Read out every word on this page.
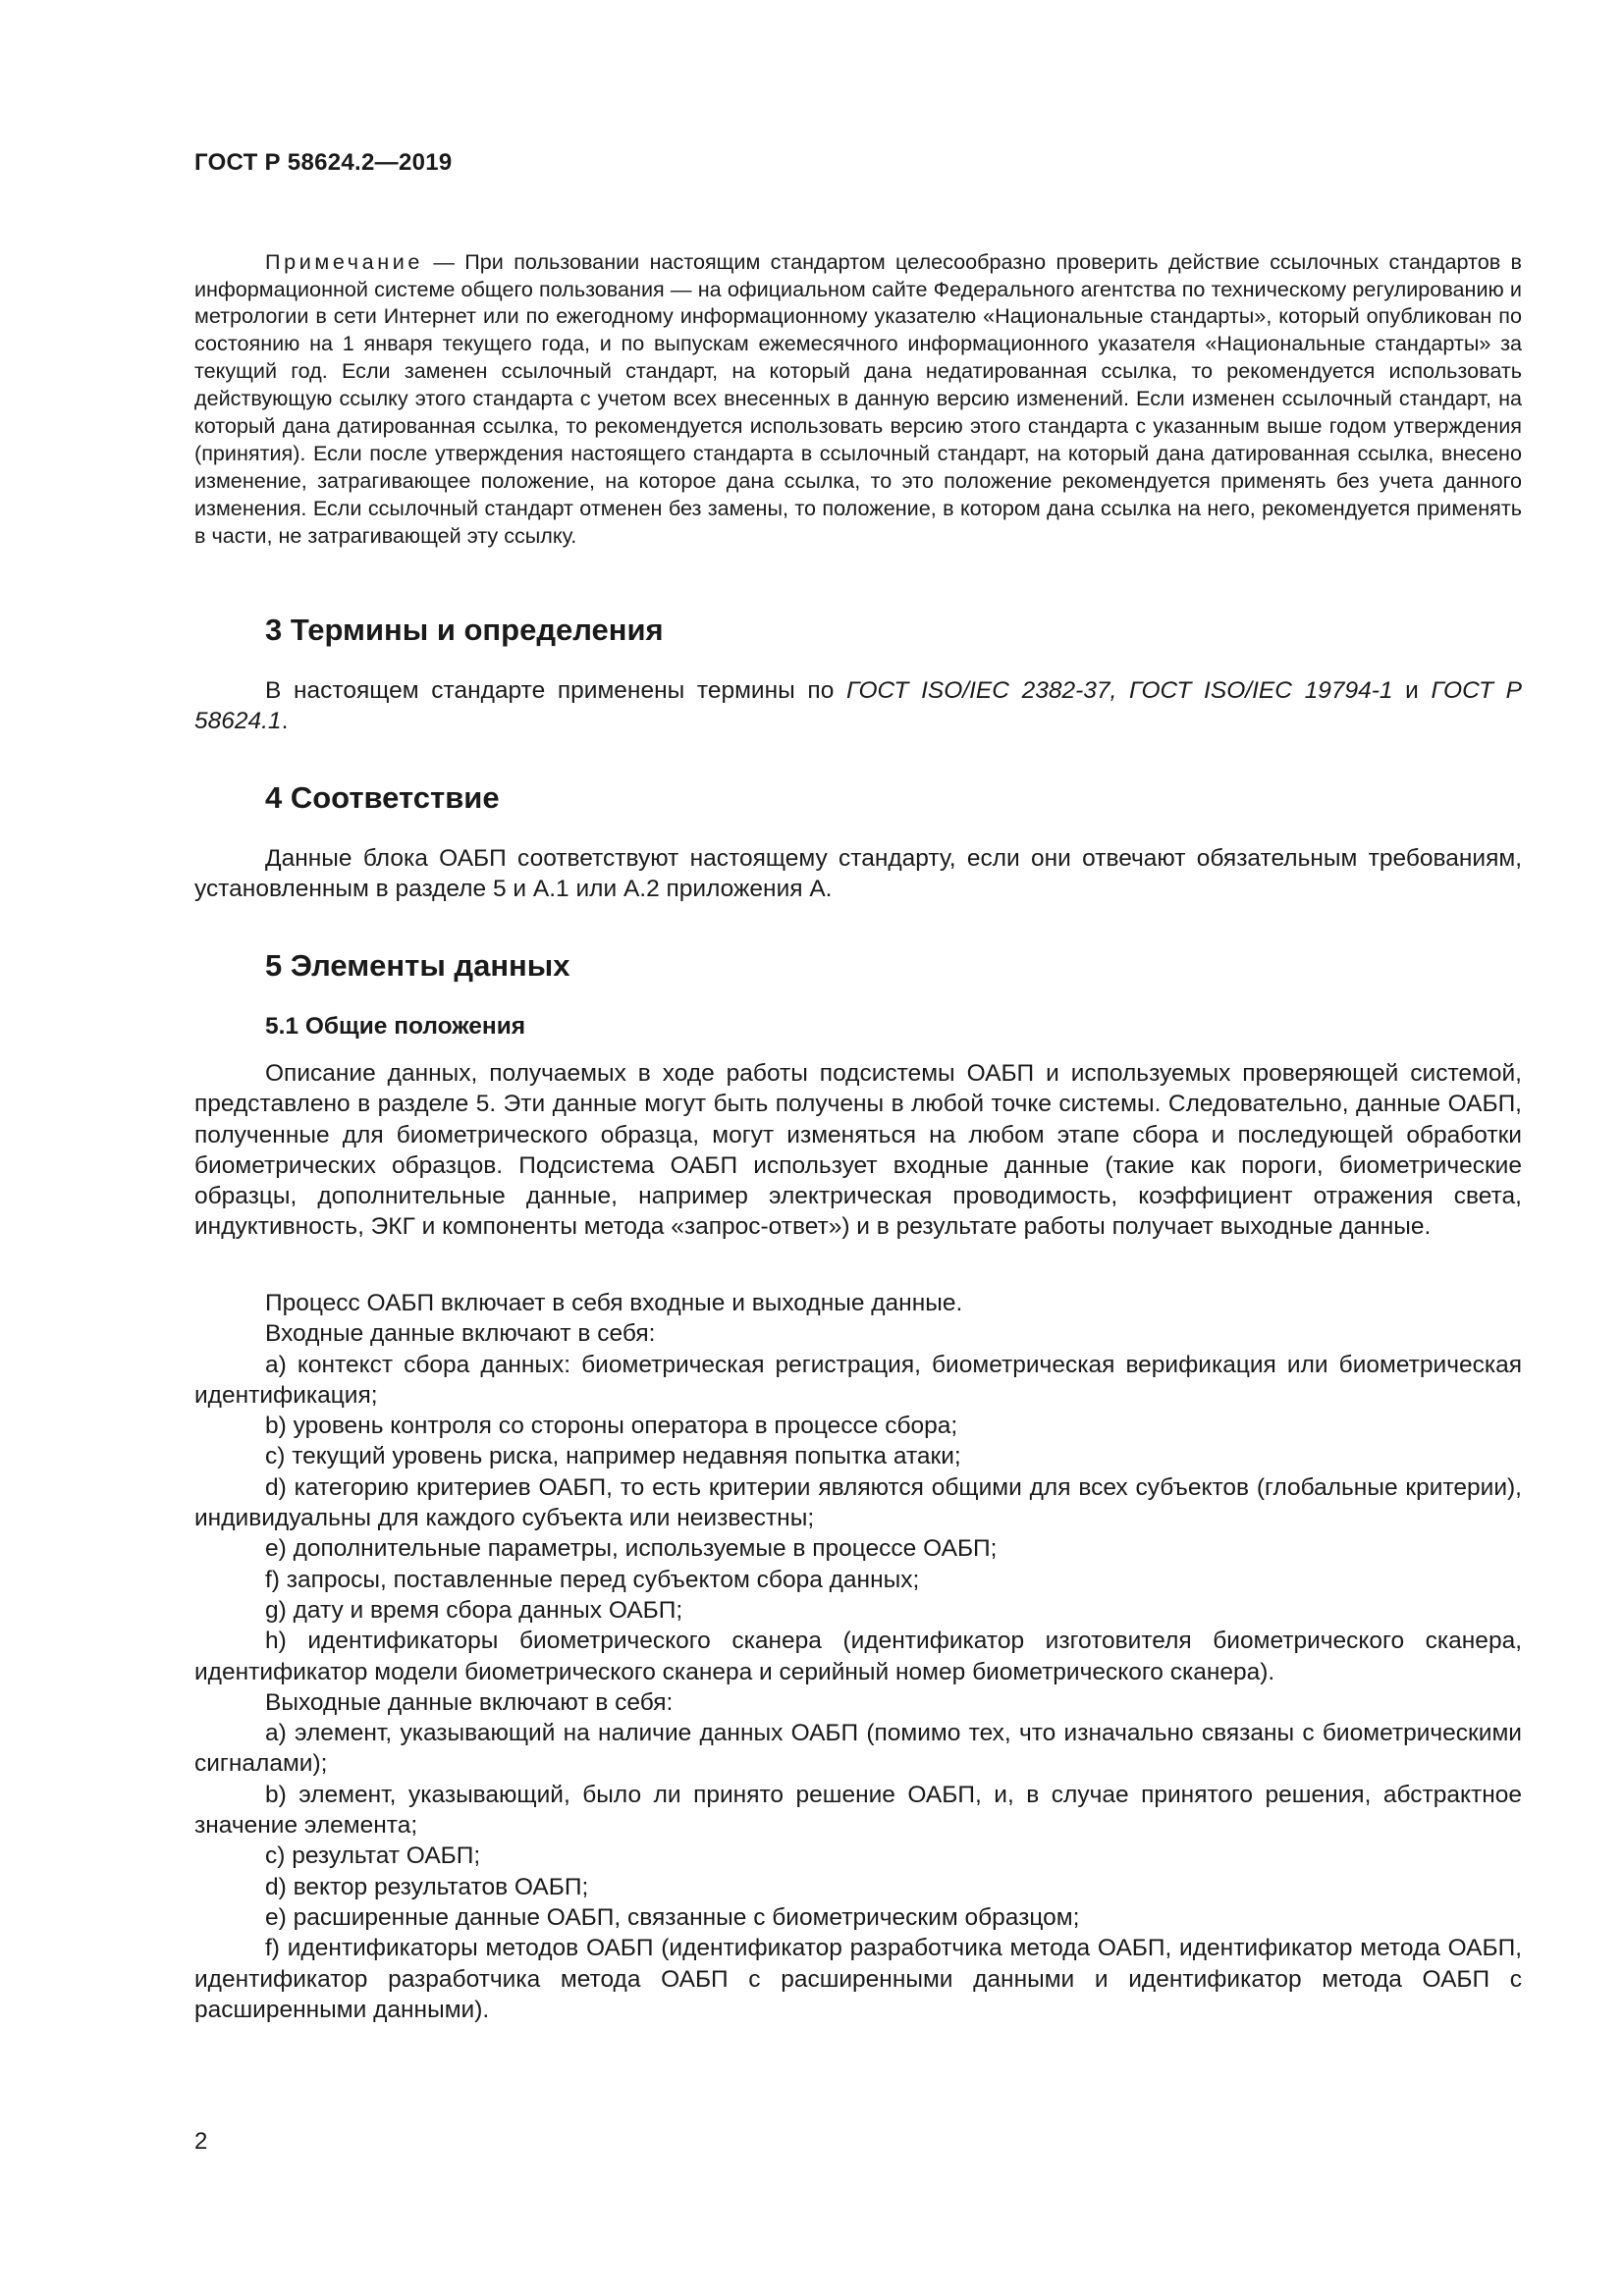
ГОСТ Р 58624.2—2019

Примечание — При пользовании настоящим стандартом целесообразно проверить действие ссылочных стандартов в информационной системе общего пользования — на официальном сайте Федерального агентства по техническому регулированию и метрологии в сети Интернет или по ежегодному информационному указателю «Национальные стандарты», который опубликован по состоянию на 1 января текущего года, и по выпускам ежемесячного информационного указателя «Национальные стандарты» за текущий год. Если заменен ссылочный стандарт, на который дана недатированная ссылка, то рекомендуется использовать действующую ссылку этого стандарта с учетом всех внесенных в данную версию изменений. Если изменен ссылочный стандарт, на который дана датированная ссылка, то рекомендуется использовать версию этого стандарта с указанным выше годом утверждения (принятия). Если после утверждения настоящего стандарта в ссылочный стандарт, на который дана датированная ссылка, внесено изменение, затрагивающее положение, на которое дана ссылка, то это положение рекомендуется применять без учета данного изменения. Если ссылочный стандарт отменен без замены, то положение, в котором дана ссылка на него, рекомендуется применять в части, не затрагивающей эту ссылку.

3 Термины и определения

В настоящем стандарте применены термины по ГОСТ ISO/IEC 2382-37, ГОСТ ISO/IEC 19794-1 и ГОСТ Р 58624.1.

4 Соответствие

Данные блока ОАБП соответствуют настоящему стандарту, если они отвечают обязательным требованиям, установленным в разделе 5 и А.1 или А.2 приложения А.

5 Элементы данных
5.1 Общие положения

Описание данных, получаемых в ходе работы подсистемы ОАБП и используемых проверяющей системой, представлено в разделе 5. Эти данные могут быть получены в любой точке системы. Следовательно, данные ОАБП, полученные для биометрического образца, могут изменяться на любом этапе сбора и последующей обработки биометрических образцов. Подсистема ОАБП использует входные данные (такие как пороги, биометрические образцы, дополнительные данные, например электрическая проводимость, коэффициент отражения света, индуктивность, ЭКГ и компоненты метода «запрос-ответ») и в результате работы получает выходные данные.

Процесс ОАБП включает в себя входные и выходные данные.

Входные данные включают в себя:

a) контекст сбора данных: биометрическая регистрация, биометрическая верификация или биометрическая идентификация;

b) уровень контроля со стороны оператора в процессе сбора;

c) текущий уровень риска, например недавняя попытка атаки;

d) категорию критериев ОАБП, то есть критерии являются общими для всех субъектов (глобальные критерии), индивидуальны для каждого субъекта или неизвестны;

e) дополнительные параметры, используемые в процессе ОАБП;

f) запросы, поставленные перед субъектом сбора данных;

g) дату и время сбора данных ОАБП;

h) идентификаторы биометрического сканера (идентификатор изготовителя биометрического сканера, идентификатор модели биометрического сканера и серийный номер биометрического сканера).

Выходные данные включают в себя:

a) элемент, указывающий на наличие данных ОАБП (помимо тех, что изначально связаны с биометрическими сигналами);

b) элемент, указывающий, было ли принято решение ОАБП, и, в случае принятого решения, абстрактное значение элемента;

c) результат ОАБП;

d) вектор результатов ОАБП;

e) расширенные данные ОАБП, связанные с биометрическим образцом;

f) идентификаторы методов ОАБП (идентификатор разработчика метода ОАБП, идентификатор метода ОАБП, идентификатор разработчика метода ОАБП с расширенными данными и идентификатор метода ОАБП с расширенными данными).

2
